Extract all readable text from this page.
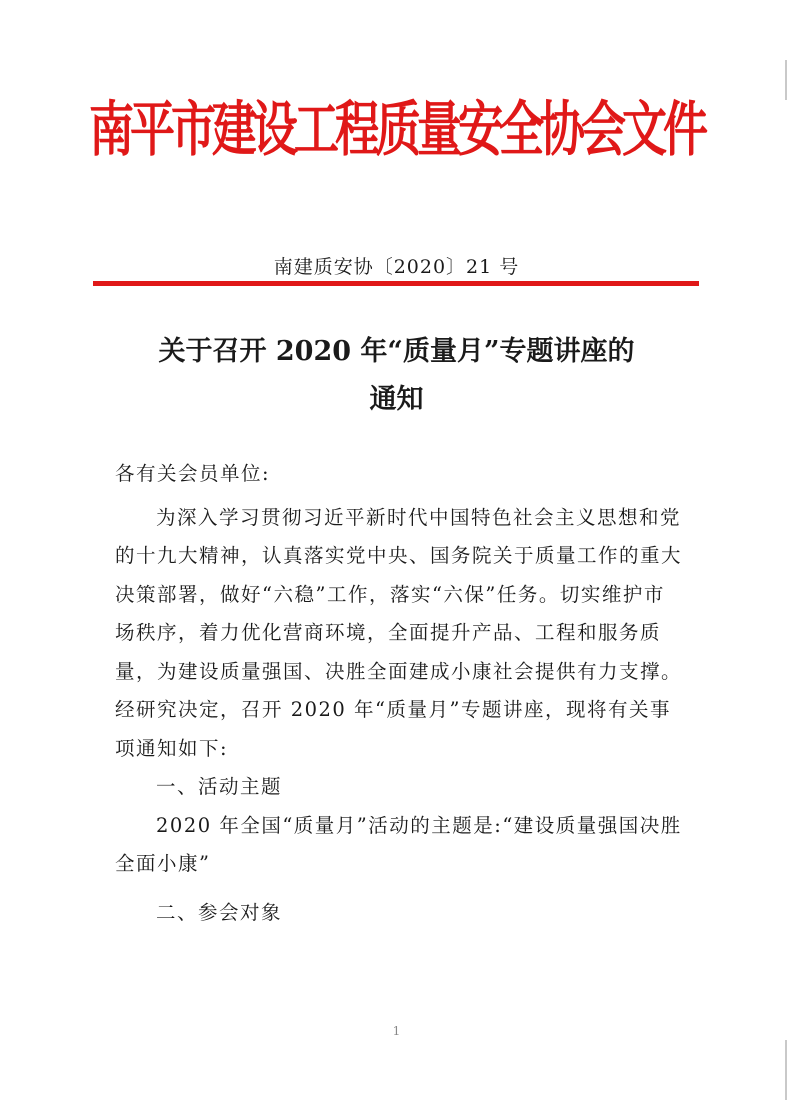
南平市建设工程质量安全协会文件
南建质安协〔2020〕21 号
关于召开 2020 年“质量月”专题讲座的
通知

各有关会员单位:

为深入学习贯彻习近平新时代中国特色社会主义思想和党的十九大精神，认真落实党中央、国务院关于质量工作的重大决策部署，做好“六稳”工作，落实“六保”任务。切实维护市场秩序，着力优化营商环境，全面提升产品、工程和服务质量，为建设质量强国、决胜全面建成小康社会提供有力支撑。经研究决定，召开 2020 年“质量月”专题讲座，现将有关事项通知如下:

一、活动主题

2020 年全国“质量月”活动的主题是:“建设质量强国决胜全面小康”

二、参会对象

1
